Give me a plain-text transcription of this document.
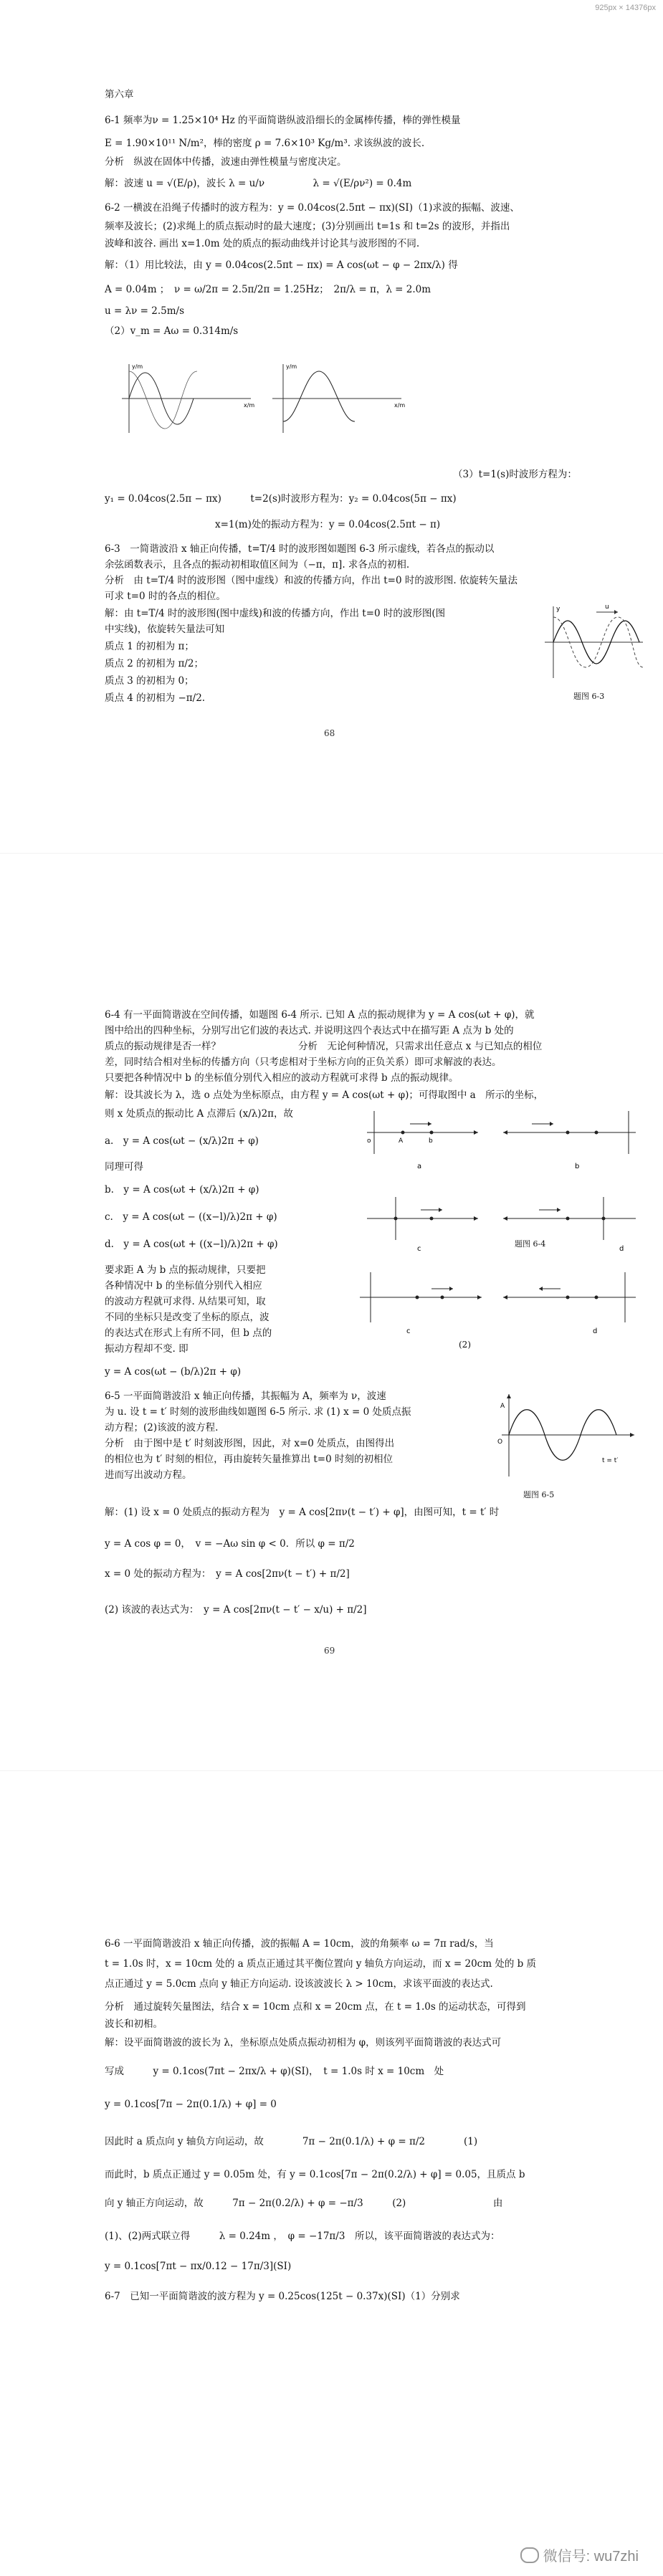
925px × 14376px
第六章
6-1 频率为ν = 1.25×10⁴ Hz 的平面简谐纵波沿细长的金属棒传播，棒的弹性模量
E = 1.90×10¹¹ N/m²，棒的密度 ρ = 7.6×10³ Kg/m³. 求该纵波的波长.
分析　纵波在固体中传播，波速由弹性模量与密度决定。
解：波速 u = √(E/ρ)，波长 λ = u/ν　　　　　λ = √(E/ρν²) = 0.4m
6-2 一横波在沿绳子传播时的波方程为：y = 0.04cos(2.5πt − πx)(SI)（1)求波的振幅、波速、
频率及波长；(2)求绳上的质点振动时的最大速度；(3)分别画出 t=1s 和 t=2s 的波形，并指出
波峰和波谷. 画出 x=1.0m 处的质点的振动曲线并讨论其与波形图的不同.
解：（1）用比较法，由 y = 0.04cos(2.5πt − πx) = A cos(ωt − φ − 2πx/λ) 得
A = 0.04m ；　ν = ω/2π = 2.5π/2π = 1.25Hz；　2π/λ = π，λ = 2.0m
u = λν = 2.5m/s
（2）v_m = Aω = 0.314m/s
y/m
x/m
y/m
x/m
（3）t=1(s)时波形方程为：
y₁ = 0.04cos(2.5π − πx)　　　t=2(s)时波形方程为：y₂ = 0.04cos(5π − πx)
x=1(m)处的振动方程为：y = 0.04cos(2.5πt − π)
6-3　一简谐波沿 x 轴正向传播，t=T/4 时的波形图如题图 6-3 所示虚线，若各点的振动以
余弦函数表示，且各点的振动初相取值区间为（−π，π]. 求各点的初相.
分析　由 t=T/4 时的波形图（图中虚线）和波的传播方向，作出 t=0 时的波形图. 依旋转矢量法
可求 t=0 时的各点的相位。
解：由 t=T/4 时的波形图(图中虚线)和波的传播方向，作出 t=0 时的波形图(图
中实线)，依旋转矢量法可知
质点 1 的初相为 π；
质点 2 的初相为 π/2；
质点 3 的初相为 0；
质点 4 的初相为 −π/2.
y	u
题图 6-3
68
6-4 有一平面简谐波在空间传播，如题图 6-4 所示. 已知 A 点的振动规律为 y = A cos(ωt + φ)，就
图中给出的四种坐标，分别写出它们波的表达式. 并说明这四个表达式中在描写距 A 点为 b 处的
质点的振动规律是否一样？　　　　　　　　分析　无论何种情况，只需求出任意点 x 与已知点的相位
差，同时结合相对坐标的传播方向（只考虑相对于坐标方向的正负关系）即可求解波的表达。
只要把各种情况中 b 的坐标值分别代入相应的波动方程就可求得 b 点的振动规律。
解：设其波长为 λ，选 o 点处为坐标原点，由方程 y = A cos(ωt + φ)；可得取图中 a　所示的坐标，
则 x 处质点的振动比 A 点滞后 (x/λ)2π，故
a.　y = A cos(ωt − (x/λ)2π + φ)
同理可得
b.　y = A cos(ωt + (x/λ)2π + φ)
c.　y = A cos(ωt − ((x−l)/λ)2π + φ)
d.　y = A cos(ωt + ((x−l)/λ)2π + φ)
要求距 A 为 b 点的振动规律，只要把
各种情况中 b 的坐标值分别代入相应
的波动方程就可求得. 从结果可知，取
不同的坐标只是改变了坐标的原点，波
的表达式在形式上有所不同，但 b 点的
振动方程却不变. 即
y = A cos(ωt − (b/λ)2π + φ)
o	A	b
a	b
c	d
c	d
题图 6-4
(2)
6-5 一平面简谐波沿 x 轴正向传播，其振幅为 A，频率为 ν，波速
为 u. 设 t = t′ 时刻的波形曲线如题图 6-5 所示. 求 (1) x = 0 处质点振
动方程；(2)该波的波方程.
分析　由于图中是 t′ 时刻波形图，因此，对 x=0 处质点，由图得出
的相位也为 t′ 时刻的相位，再由旋转矢量推算出 t=0 时刻的初相位
进而写出波动方程。
O
A
t = t′
题图 6-5
解：(1) 设 x = 0 处质点的振动方程为　y = A cos[2πν(t − t′) + φ]，由图可知，t = t′ 时
y = A cos φ = 0，　v = −Aω sin φ < 0．所以 φ = π/2
x = 0 处的振动方程为：　y = A cos[2πν(t − t′) + π/2]
(2) 该波的表达式为：　y = A cos[2πν(t − t′ − x/u) + π/2]
69
6-6 一平面简谐波沿 x 轴正向传播，波的振幅 A = 10cm，波的角频率 ω = 7π rad/s，当
t = 1.0s 时，x = 10cm 处的 a 质点正通过其平衡位置向 y 轴负方向运动，而 x = 20cm 处的 b 质
点正通过 y = 5.0cm 点向 y 轴正方向运动. 设该波波长 λ > 10cm，求该平面波的表达式.
分析　通过旋转矢量图法，结合 x = 10cm 点和 x = 20cm 点，在 t = 1.0s 的运动状态，可得到
波长和初相。
解：设平面简谐波的波长为 λ，坐标原点处质点振动初相为 φ，则该列平面简谐波的表达式可
写成　　　y = 0.1cos(7πt − 2πx/λ + φ)(SI)，　t = 1.0s 时 x = 10cm　处
y = 0.1cos[7π − 2π(0.1/λ) + φ] = 0
因此时 a 质点向 y 轴负方向运动，故　　　　7π − 2π(0.1/λ) + φ = π/2　　　　(1)
而此时，b 质点正通过 y = 0.05m 处，有 y = 0.1cos[7π − 2π(0.2/λ) + φ] = 0.05，且质点 b
向 y 轴正方向运动，故　　　7π − 2π(0.2/λ) + φ = −π/3　　　(2)　　　　　　　　　由
(1)、(2)两式联立得　　　λ = 0.24m ，　φ = −17π/3　所以，该平面简谐波的表达式为：
y = 0.1cos[7πt − πx/0.12 − 17π/3](SI)
6-7　已知一平面简谐波的波方程为 y = 0.25cos(125t − 0.37x)(SI)（1）分别求
微信号: wu7zhi
